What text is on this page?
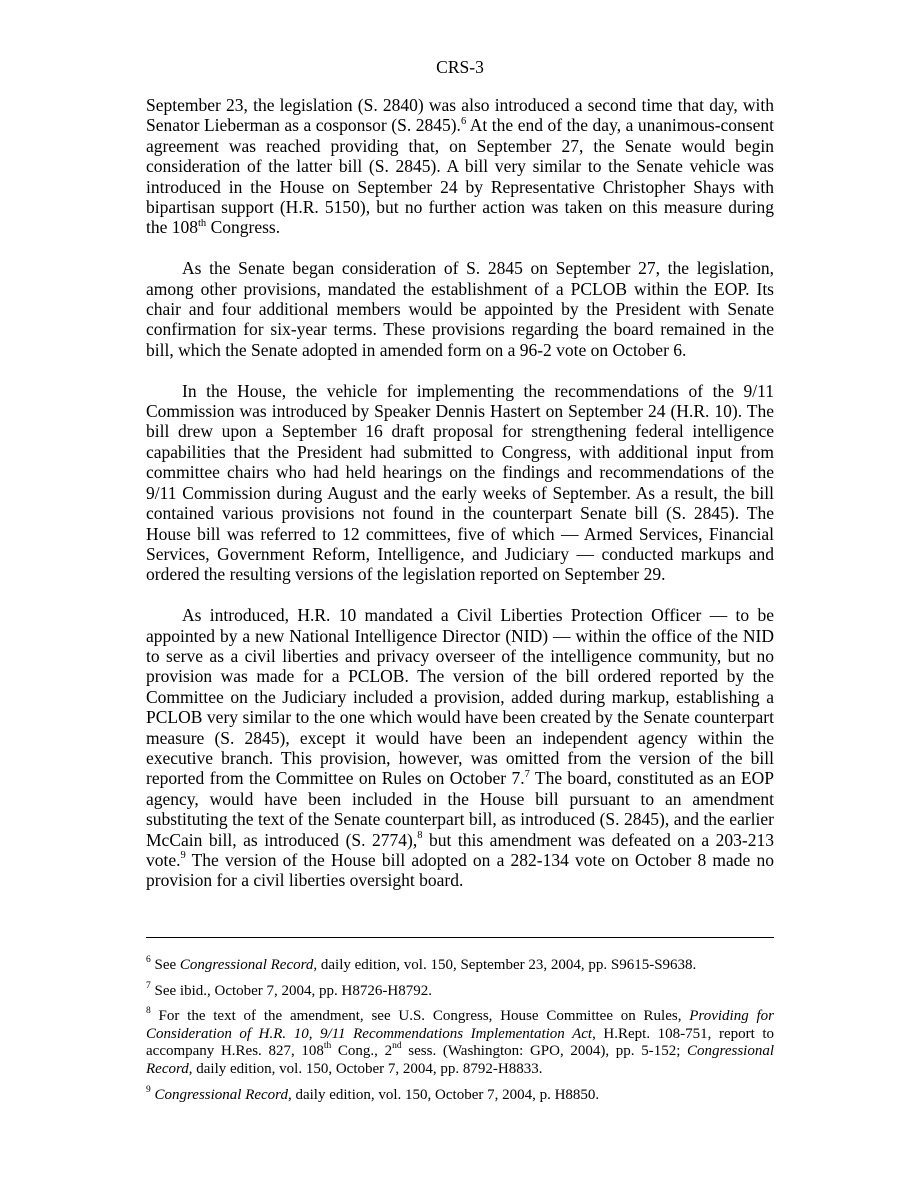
CRS-3

September 23, the legislation (S. 2840) was also introduced a second time that day, with Senator Lieberman as a cosponsor (S. 2845).$^6$ At the end of the day, a unanimous-consent agreement was reached providing that, on September 27, the Senate would begin consideration of the latter bill (S. 2845). A bill very similar to the Senate vehicle was introduced in the House on September 24 by Representative Christopher Shays with bipartisan support (H.R. 5150), but no further action was taken on this measure during the 108th Congress.

As the Senate began consideration of S. 2845 on September 27, the legislation, among other provisions, mandated the establishment of a PCLOB within the EOP. Its chair and four additional members would be appointed by the President with Senate confirmation for six-year terms. These provisions regarding the board remained in the bill, which the Senate adopted in amended form on a 96-2 vote on October 6.

In the House, the vehicle for implementing the recommendations of the 9/11 Commission was introduced by Speaker Dennis Hastert on September 24 (H.R. 10). The bill drew upon a September 16 draft proposal for strengthening federal intelligence capabilities that the President had submitted to Congress, with additional input from committee chairs who had held hearings on the findings and recommendations of the 9/11 Commission during August and the early weeks of September. As a result, the bill contained various provisions not found in the counterpart Senate bill (S. 2845). The House bill was referred to 12 committees, five of which — Armed Services, Financial Services, Government Reform, Intelligence, and Judiciary — conducted markups and ordered the resulting versions of the legislation reported on September 29.

As introduced, H.R. 10 mandated a Civil Liberties Protection Officer — to be appointed by a new National Intelligence Director (NID) — within the office of the NID to serve as a civil liberties and privacy overseer of the intelligence community, but no provision was made for a PCLOB. The version of the bill ordered reported by the Committee on the Judiciary included a provision, added during markup, establishing a PCLOB very similar to the one which would have been created by the Senate counterpart measure (S. 2845), except it would have been an independent agency within the executive branch. This provision, however, was omitted from the version of the bill reported from the Committee on Rules on October 7.$^7$ The board, constituted as an EOP agency, would have been included in the House bill pursuant to an amendment substituting the text of the Senate counterpart bill, as introduced (S. 2845), and the earlier McCain bill, as introduced (S. 2774),$^8$ but this amendment was defeated on a 203-213 vote.$^9$ The version of the House bill adopted on a 282-134 vote on October 8 made no provision for a civil liberties oversight board.

$^6$ See Congressional Record, daily edition, vol. 150, September 23, 2004, pp. S9615-S9638.

$^7$ See ibid., October 7, 2004, pp. H8726-H8792.

$^8$ For the text of the amendment, see U.S. Congress, House Committee on Rules, Providing for Consideration of H.R. 10, 9/11 Recommendations Implementation Act, H.Rept. 108-751, report to accompany H.Res. 827, 108th Cong., 2nd sess. (Washington: GPO, 2004), pp. 5-152; Congressional Record, daily edition, vol. 150, October 7, 2004, pp. 8792-H8833.

$^9$ Congressional Record, daily edition, vol. 150, October 7, 2004, p. H8850.
